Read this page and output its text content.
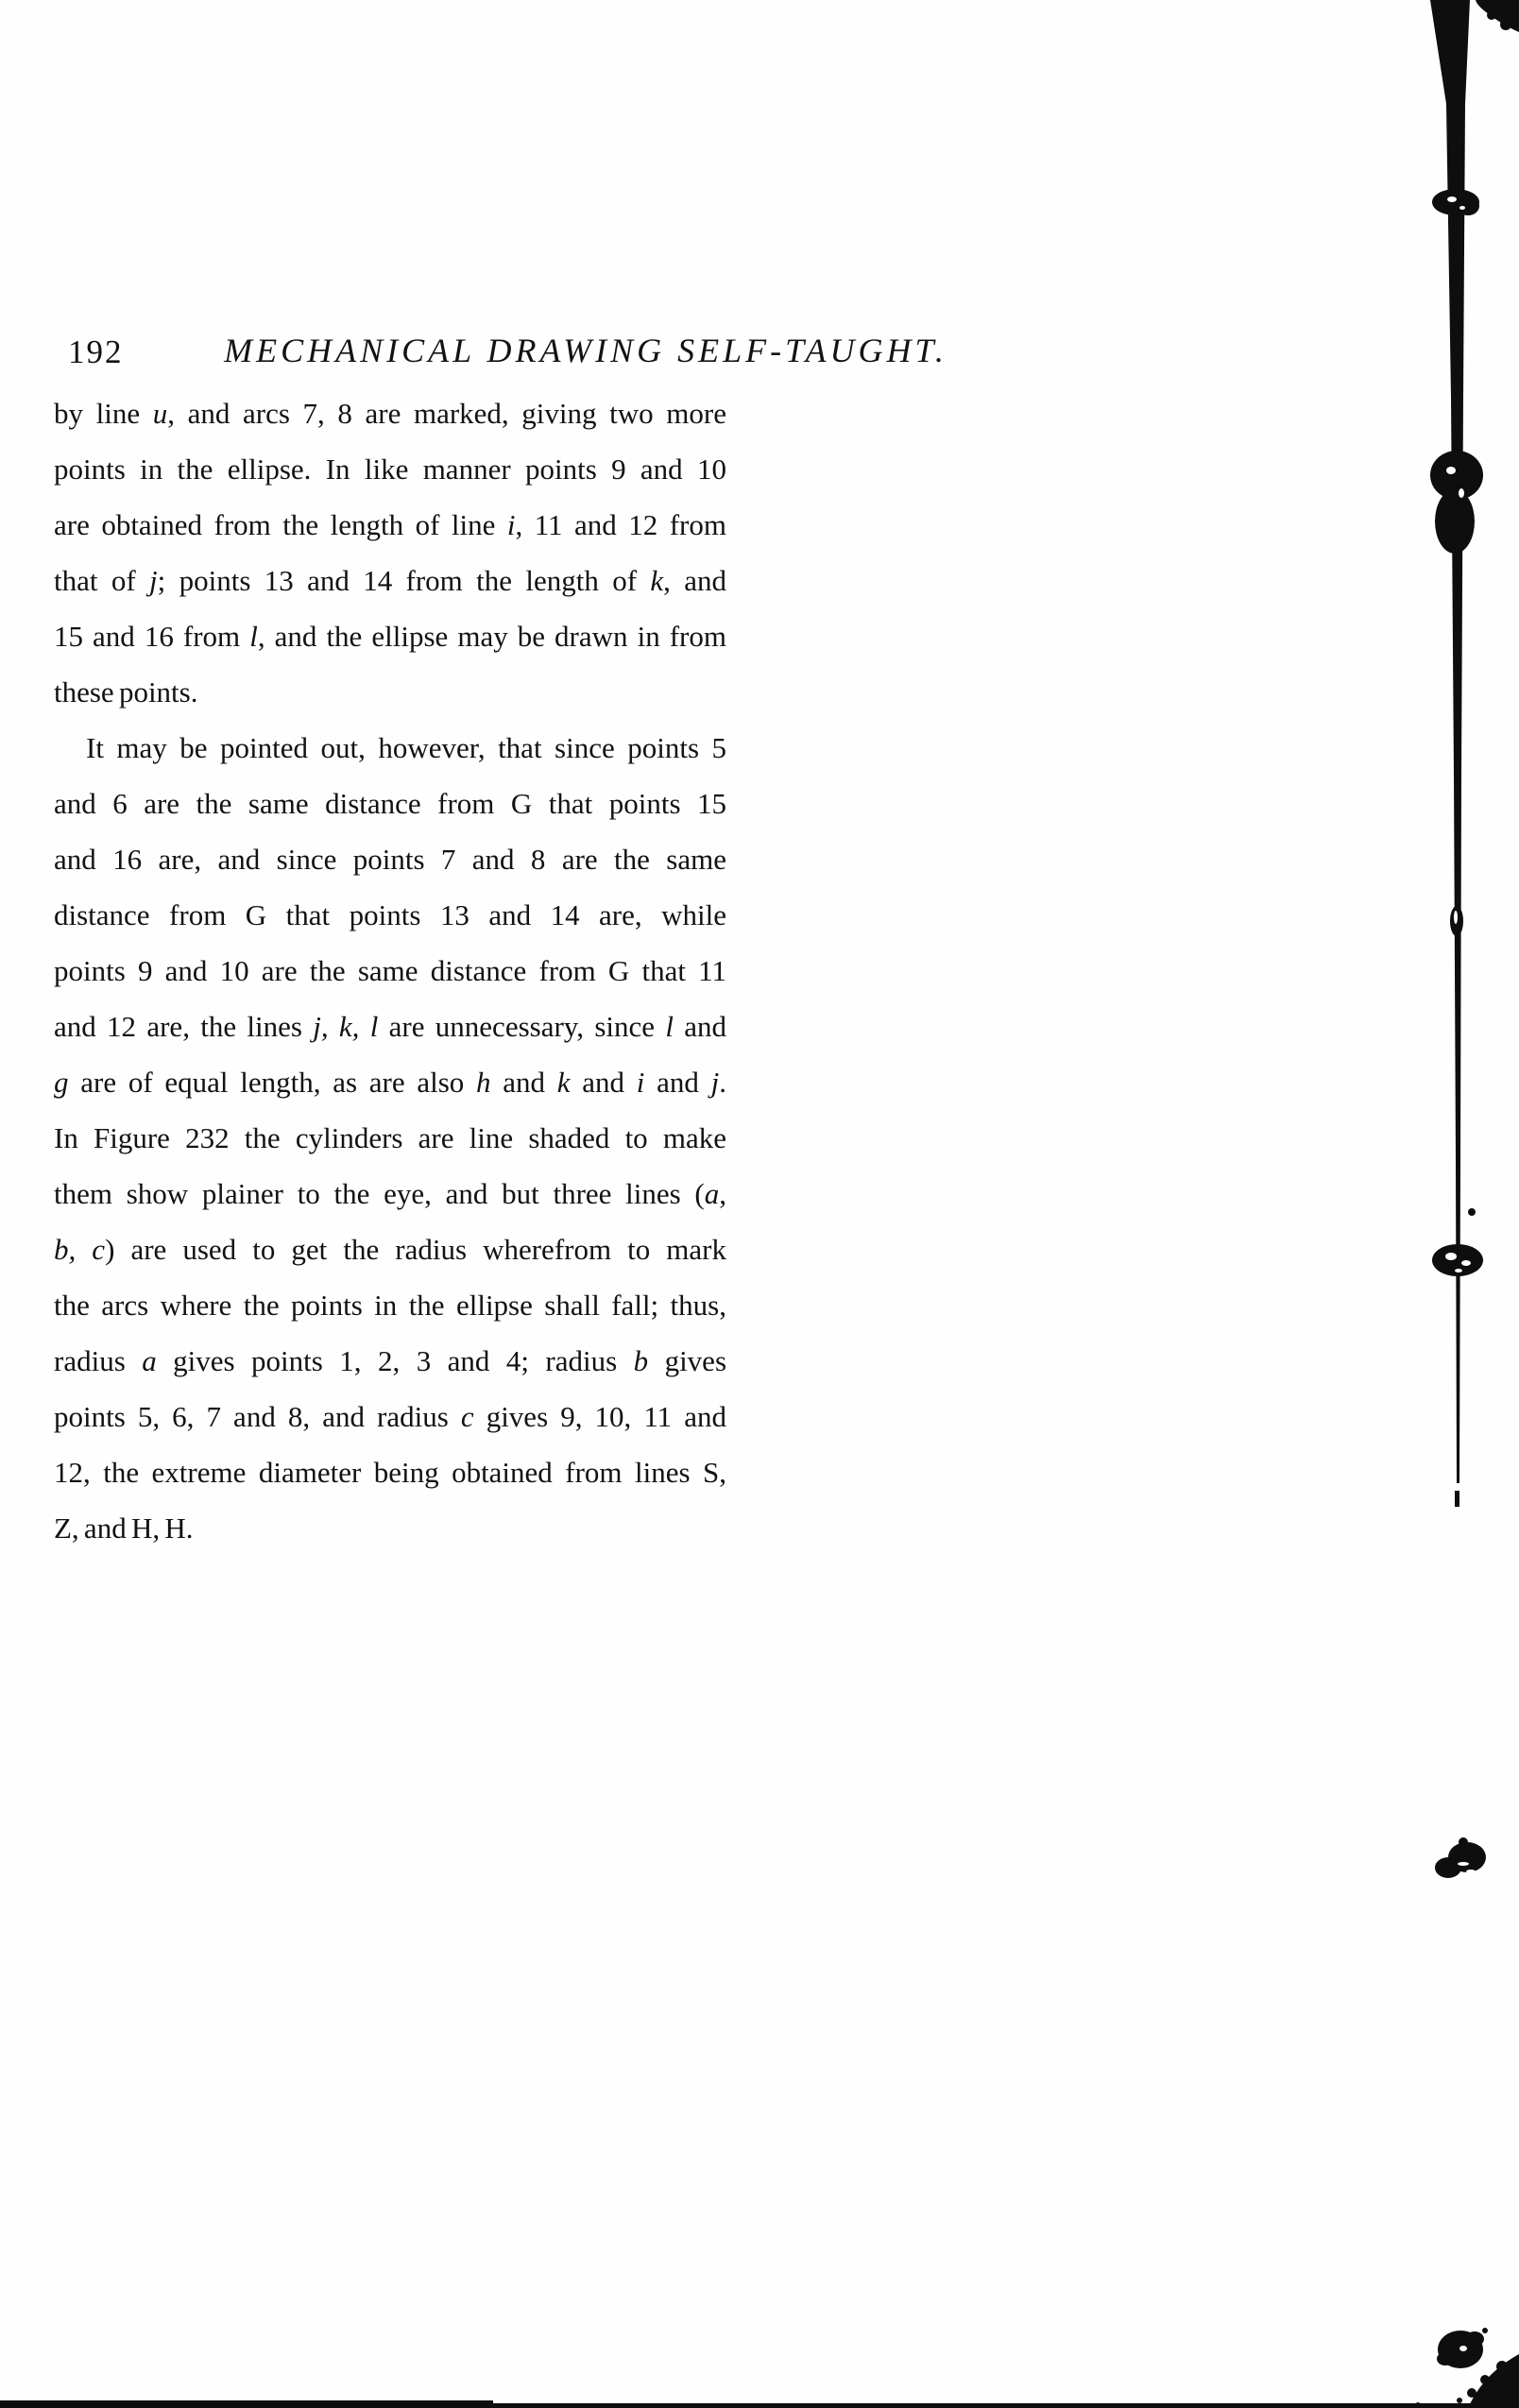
192	MECHANICAL DRAWING SELF-TAUGHT.
by line u, and arcs 7, 8 are marked, giving two more
points in the ellipse. In like manner points 9 and 10
are obtained from the length of line i, 11 and 12 from
that of j; points 13 and 14 from the length of k, and
15 and 16 from l, and the ellipse may be drawn in from
these points.
It may be pointed out, however, that since points 5
and 6 are the same distance from G that points 15
and 16 are, and since points 7 and 8 are the same
distance from G that points 13 and 14 are, while
points 9 and 10 are the same distance from G that 11
and 12 are, the lines j, k, l are unnecessary, since l and
g are of equal length, as are also h and k and i and j.
In Figure 232 the cylinders are line shaded to make
them show plainer to the eye, and but three lines (a,
b, c) are used to get the radius wherefrom to mark
the arcs where the points in the ellipse shall fall; thus,
radius a gives points 1, 2, 3 and 4; radius b gives
points 5, 6, 7 and 8, and radius c gives 9, 10, 11 and
12, the extreme diameter being obtained from lines S,
Z, and H, H.
